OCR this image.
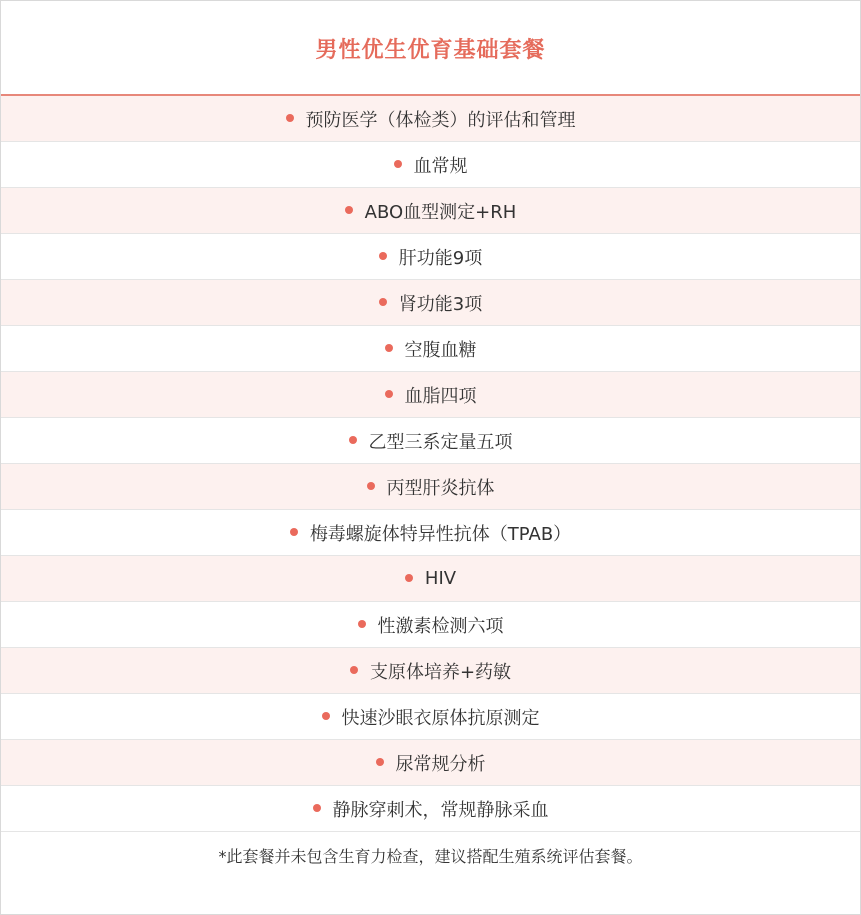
男性优生优育基础套餐
预防医学（体检类）的评估和管理
血常规
ABO血型测定+RH
肝功能9项
肾功能3项
空腹血糖
血脂四项
乙型三系定量五项
丙型肝炎抗体
梅毒螺旋体特异性抗体（TPAB）
HIV
性激素检测六项
支原体培养+药敏
快速沙眼衣原体抗原测定
尿常规分析
静脉穿刺术，常规静脉采血
*此套餐并未包含生育力检查，建议搭配生殖系统评估套餐。
